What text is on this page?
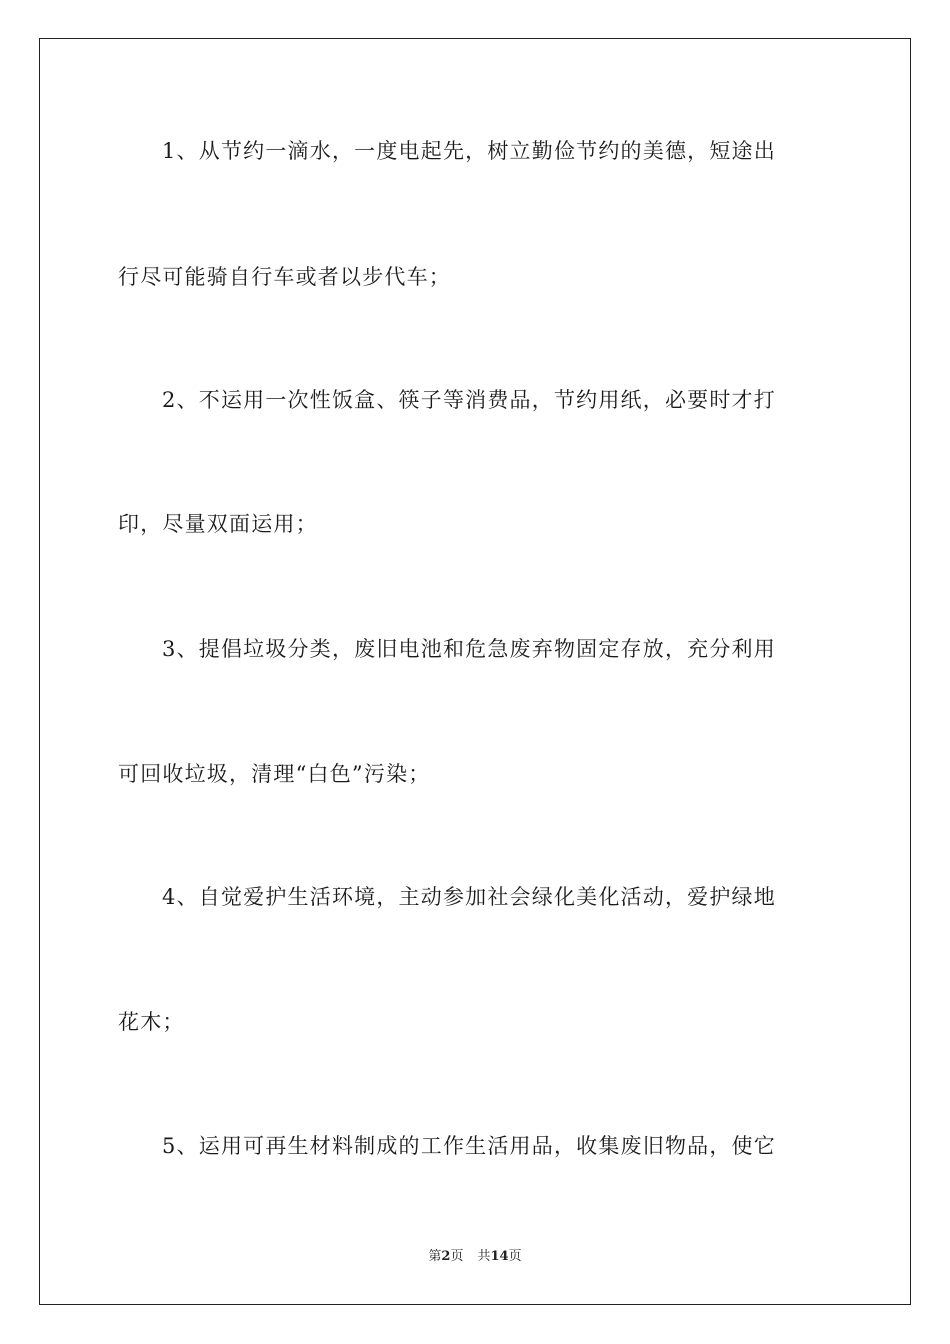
1、从节约一滴水，一度电起先，树立勤俭节约的美德，短途出
行尽可能骑自行车或者以步代车；
2、不运用一次性饭盒、筷子等消费品，节约用纸，必要时才打
印，尽量双面运用；
3、提倡垃圾分类，废旧电池和危急废弃物固定存放，充分利用
可回收垃圾，清理“白色”污染；
4、自觉爱护生活环境，主动参加社会绿化美化活动，爱护绿地
花木；
5、运用可再生材料制成的工作生活用品，收集废旧物品，使它
第2页 共14页
